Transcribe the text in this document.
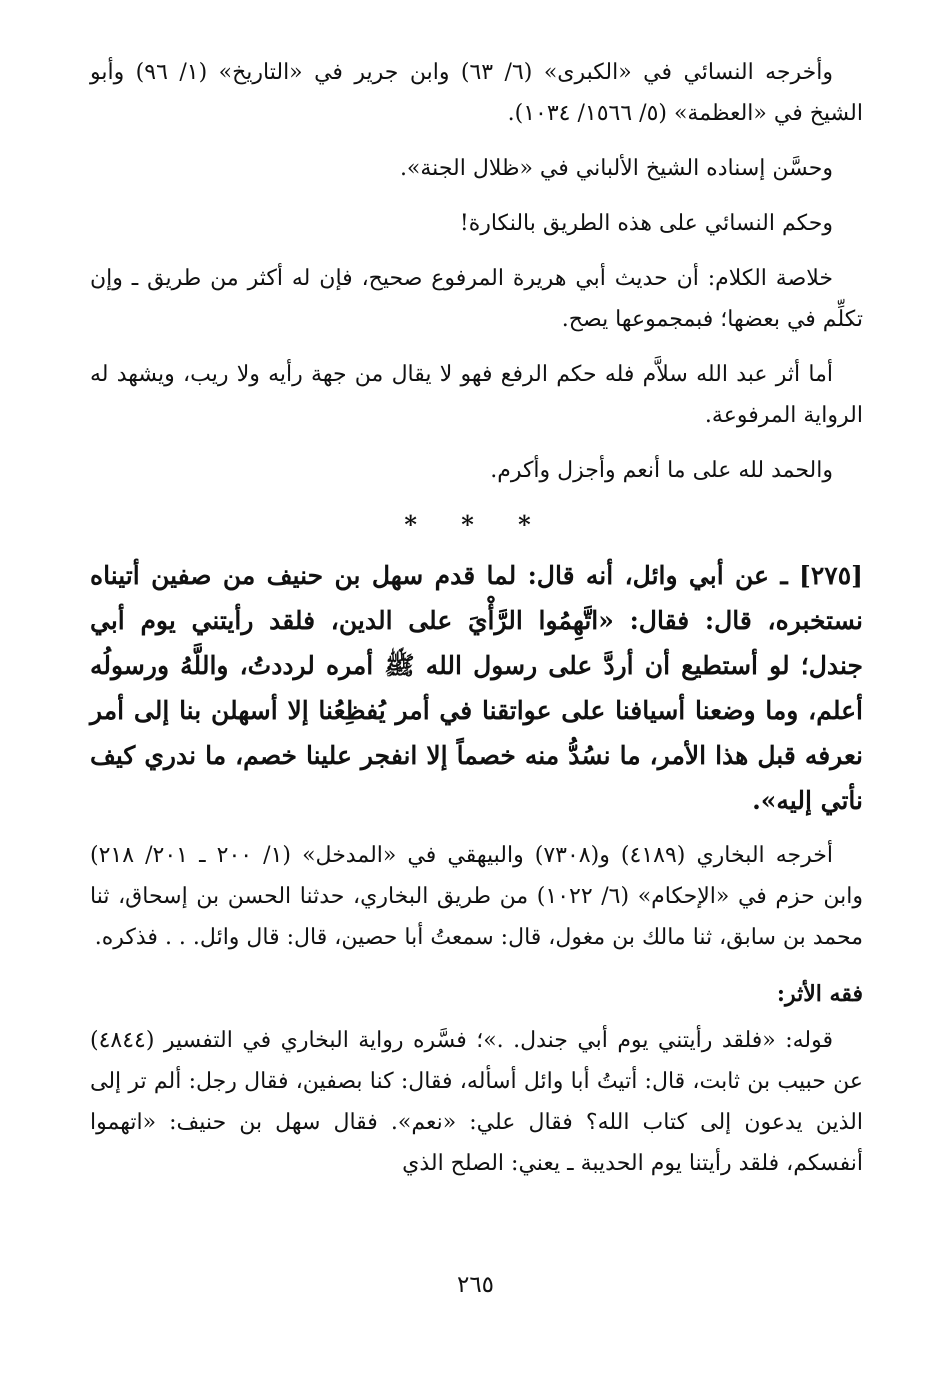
وأخرجه النسائي في «الكبرى» (٦/ ٦٣) وابن جرير في «التاريخ» (١/ ٩٦) وأبو الشيخ في «العظمة» (٥/ ١٥٦٦/ ١٠٣٤).

وحسَّن إسناده الشيخ الألباني في «ظلال الجنة».

وحكم النسائي على هذه الطريق بالنكارة!

خلاصة الكلام: أن حديث أبي هريرة المرفوع صحيح، فإن له أكثر من طريق ـ وإن تكلِّم في بعضها؛ فبمجموعها يصح.

أما أثر عبد الله سلاَّم فله حكم الرفع فهو لا يقال من جهة رأيه ولا ريب، ويشهد له الرواية المرفوعة.

والحمد لله على ما أنعم وأجزل وأكرم.

* * *

[٢٧٥] ـ عن أبي وائل، أنه قال: لما قدم سهل بن حنيف من صفين أتيناه نستخبره، قال: فقال: «اتَّهِمُوا الرَّأْيَ على الدين، فلقد رأيتني يوم أبي جندل؛ لو أستطيع أن أردَّ على رسول الله ﷺ أمره لرددتُ، واللَّهُ ورسولُه أعلم، وما وضعنا أسيافنا على عواتقنا في أمر يُفظِعُنا إلا أسهلن بنا إلى أمر نعرفه قبل هذا الأمر، ما نسُدُّ منه خصماً إلا انفجر علينا خصم، ما ندري كيف نأتي إليه».

أخرجه البخاري (٤١٨٩) و(٧٣٠٨) والبيهقي في «المدخل» (١/ ٢٠٠ ـ ٢٠١/ ٢١٨) وابن حزم في «الإحكام» (٦/ ١٠٢٢) من طريق البخاري، حدثنا الحسن بن إسحاق، ثنا محمد بن سابق، ثنا مالك بن مغول، قال: سمعتُ أبا حصين، قال: قال وائل. . . فذكره.

فقه الأثر:

قوله: «فلقد رأيتني يوم أبي جندل. .»؛ فسَّره رواية البخاري في التفسير (٤٨٤٤) عن حبيب بن ثابت، قال: أتيتُ أبا وائل أسأله، فقال: كنا بصفين، فقال رجل: ألم تر إلى الذين يدعون إلى كتاب الله؟ فقال علي: «نعم». فقال سهل بن حنيف: «اتهموا أنفسكم، فلقد رأيتنا يوم الحديبة ـ يعني: الصلح الذي

٢٦٥
